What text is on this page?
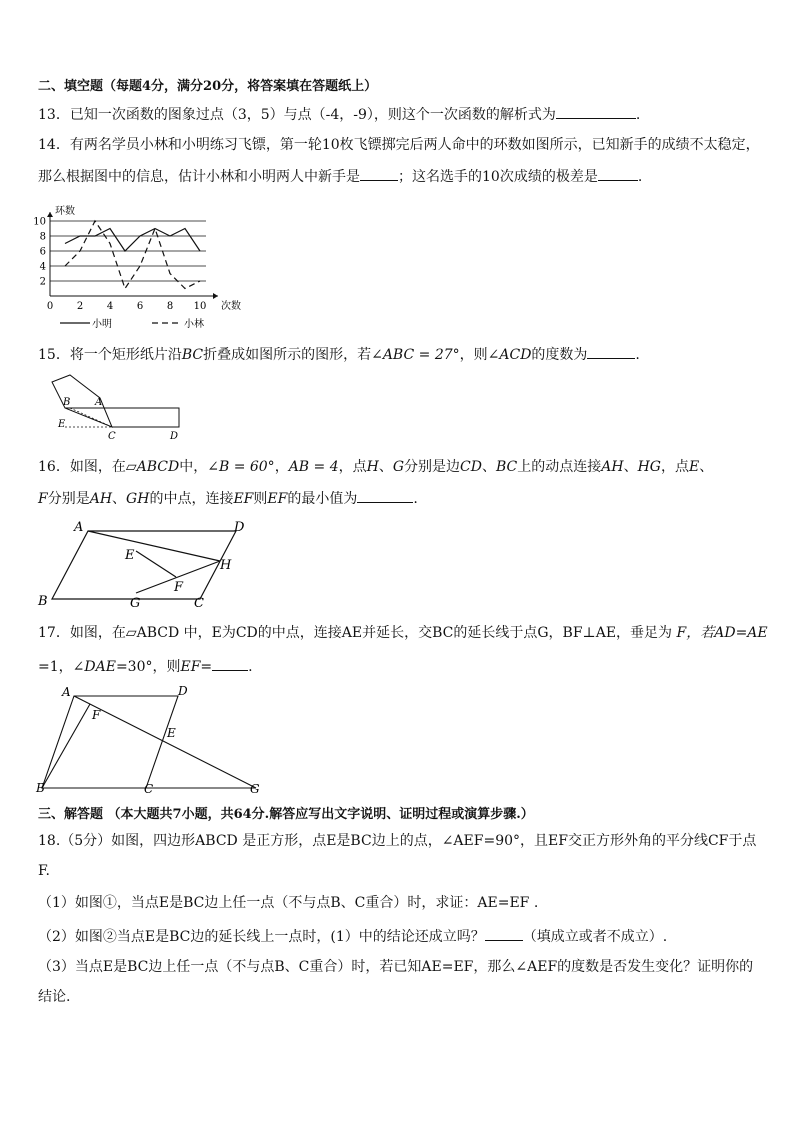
二、填空题（每题4分，满分20分，将答案填在答题纸上）
13．已知一次函数的图象过点（3，5）与点（-4，-9），则这个一次函数的解析式为	.
14．有两名学员小林和小明练习飞镖，第一轮10枚飞镖掷完后两人命中的环数如图所示，已知新手的成绩不太稳定，
那么根据图中的信息，估计小林和小明两人中新手是	；这名选手的10次成绩的极差是	.
2
4
6
8
10
0 2 4 6 8 10
环数
次数
小明	小林
15．将一个矩形纸片沿BC折叠成如图所示的图形，若∠ABC = 27°，则∠ACD的度数为	.
B A
E
C	D
16．如图，在▱ABCD中，∠B = 60°，AB = 4，点H、G分别是边CD、BC上的动点连接AH、HG，点E、
F分别是AH、GH的中点，连接EF则EF的最小值为	.
A	D
E
H
F
B	G	C
17．如图，在▱ABCD 中，E为CD的中点，连接AE并延长，交BC的延长线于点G，BF⊥AE，垂足为 F，若AD=AE
=1，∠DAE=30°，则EF=	.
A	D
F
E
B	C	G
三、解答题 （本大题共7小题，共64分.解答应写出文字说明、证明过程或演算步骤.）
18.（5分）如图，四边形ABCD 是正方形，点E是BC边上的点，∠AEF=90°，且EF交正方形外角的平分线CF于点
F.
（1）如图①，当点E是BC边上任一点（不与点B、C重合）时，求证：AE=EF .
（2）如图②当点E是BC边的延长线上一点时，(1）中的结论还成立吗？	（填成立或者不成立）.
（3）当点E是BC边上任一点（不与点B、C重合）时，若已知AE=EF，那么∠AEF的度数是否发生变化？证明你的
结论.
